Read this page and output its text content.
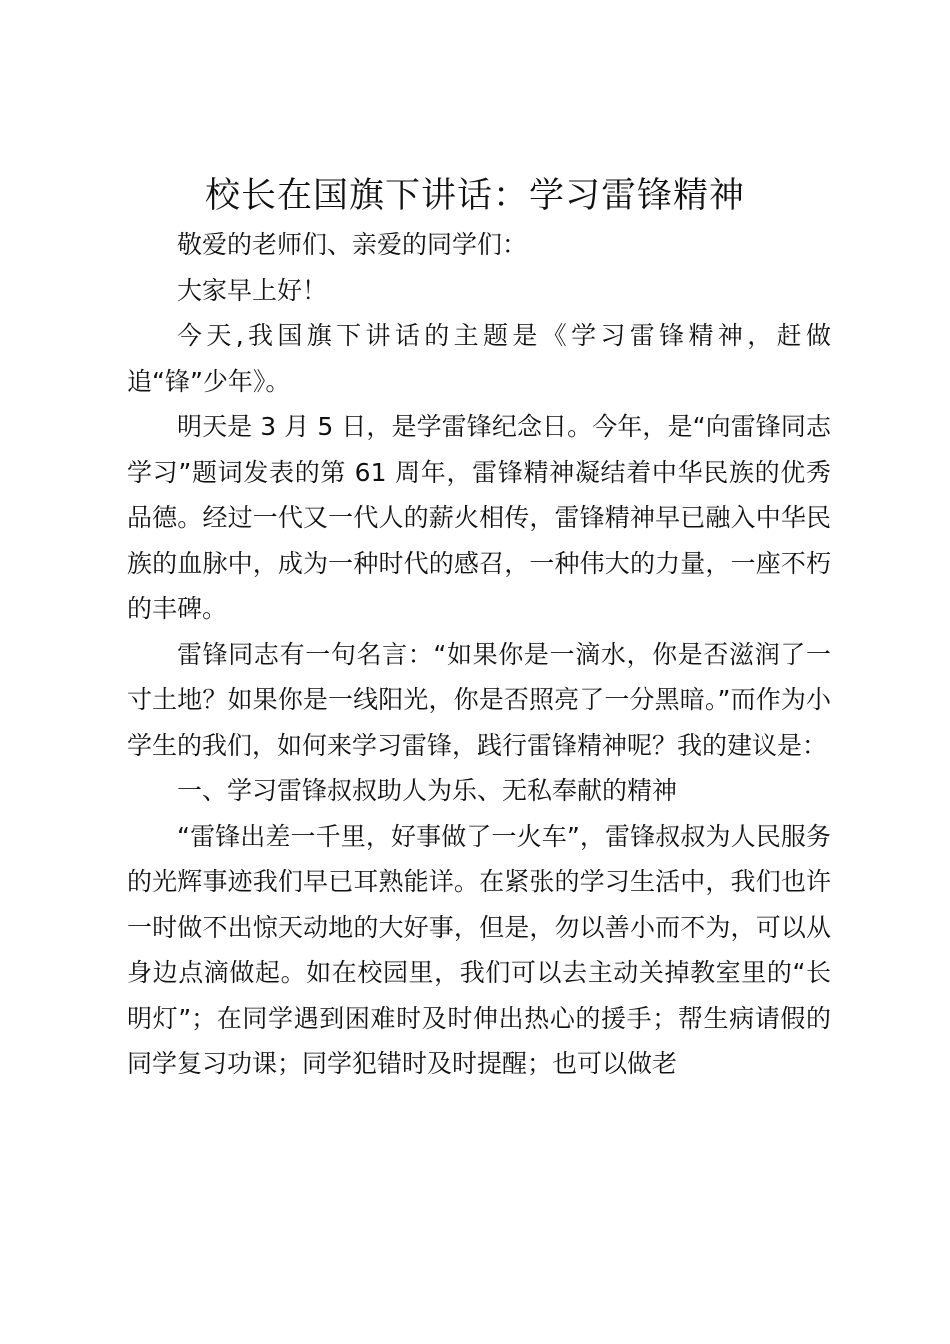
校长在国旗下讲话：学习雷锋精神

敬爱的老师们、亲爱的同学们：

大家早上好！

今天,我国旗下讲话的主题是《学习雷锋精神，赶做追“锋”少年》。

明天是 3 月 5 日，是学雷锋纪念日。今年，是“向雷锋同志学习”题词发表的第 61 周年，雷锋精神凝结着中华民族的优秀品德。经过一代又一代人的薪火相传，雷锋精神早已融入中华民族的血脉中，成为一种时代的感召，一种伟大的力量，一座不朽的丰碑。

雷锋同志有一句名言：“如果你是一滴水，你是否滋润了一寸土地？如果你是一线阳光，你是否照亮了一分黑暗。”而作为小学生的我们，如何来学习雷锋，践行雷锋精神呢？我的建议是：

一、学习雷锋叔叔助人为乐、无私奉献的精神

“雷锋出差一千里，好事做了一火车”，雷锋叔叔为人民服务的光辉事迹我们早已耳熟能详。在紧张的学习生活中，我们也许一时做不出惊天动地的大好事，但是，勿以善小而不为，可以从身边点滴做起。如在校园里，我们可以去主动关掉教室里的“长明灯”；在同学遇到困难时及时伸出热心的援手；帮生病请假的同学复习功课；同学犯错时及时提醒；也可以做老
